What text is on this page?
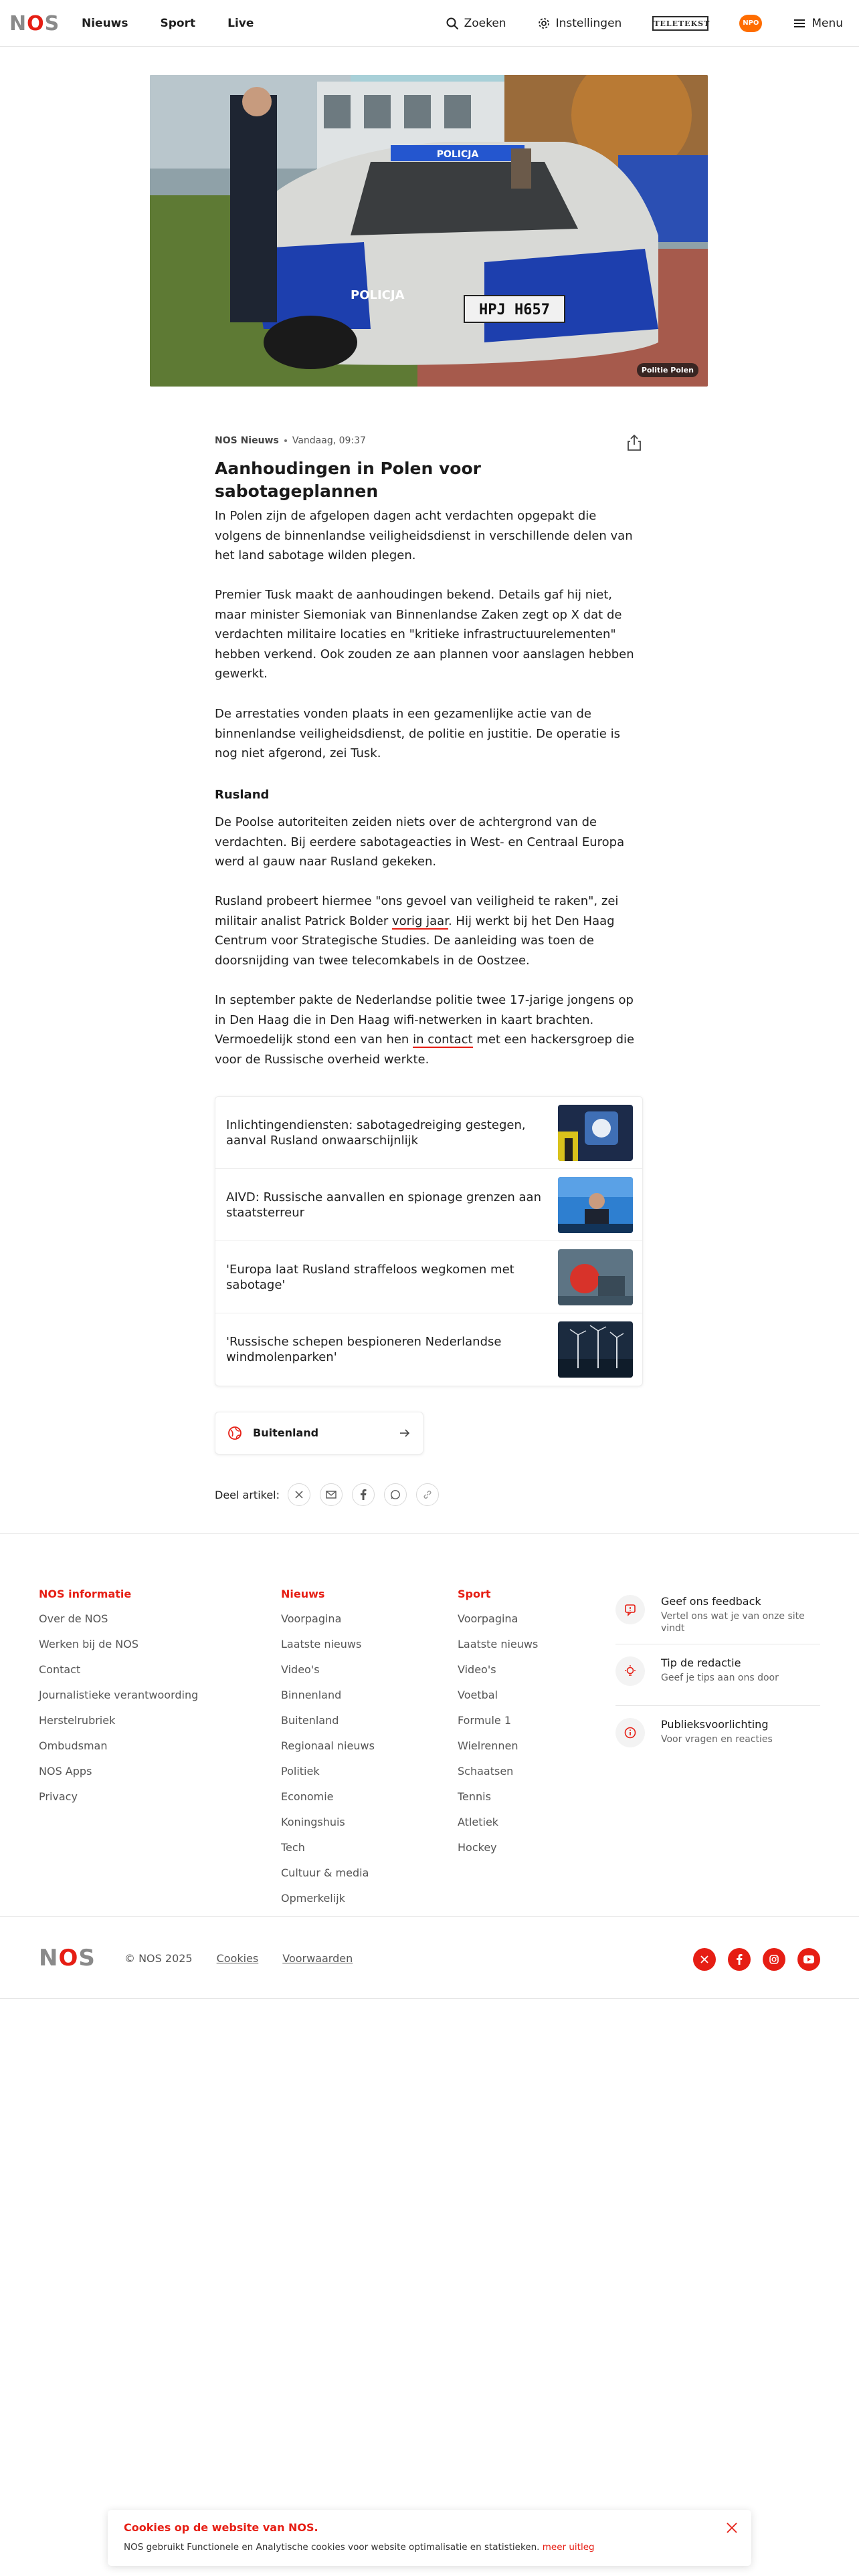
NOS Nieuws	Sport	Live	Zoeken	Instellingen	TELETEKST	NPO	Menu
POLICJA
HPJ H657
POLICJA
Politie Polen
NOS Nieuws Vandaag, 09:37
Aanhoudingen in Polen voor sabotageplannen

In Polen zijn de afgelopen dagen acht verdachten opgepakt die volgens de binnenlandse veiligheidsdienst in verschillende delen van het land sabotage wilden plegen.

Premier Tusk maakt de aanhoudingen bekend. Details gaf hij niet, maar minister Siemoniak van Binnenlandse Zaken zegt op X dat de verdachten militaire locaties en "kritieke infrastructuurelementen" hebben verkend. Ook zouden ze aan plannen voor aanslagen hebben gewerkt.

De arrestaties vonden plaats in een gezamenlijke actie van de binnenlandse veiligheidsdienst, de politie en justitie. De operatie is nog niet afgerond, zei Tusk.

Rusland

De Poolse autoriteiten zeiden niets over de achtergrond van de verdachten. Bij eerdere sabotageacties in West- en Centraal Europa werd al gauw naar Rusland gekeken.

Rusland probeert hiermee "ons gevoel van veiligheid te raken", zei militair analist Patrick Bolder vorig jaar. Hij werkt bij het Den Haag Centrum voor Strategische Studies. De aanleiding was toen de doorsnijding van twee telecomkabels in de Oostzee.

In september pakte de Nederlandse politie twee 17-jarige jongens op in Den Haag die in Den Haag wifi-netwerken in kaart brachten. Vermoedelijk stond een van hen in contact met een hackersgroep die voor de Russische overheid werkte.

Inlichtingendiensten: sabotagedreiging gestegen, aanval Rusland onwaarschijnlijk
AIVD: Russische aanvallen en spionage grenzen aan staatsterreur
'Europa laat Rusland straffeloos wegkomen met sabotage'
'Russische schepen bespioneren Nederlandse windmolenparken'
Buitenland
Deel artikel:
NOS informatie
Over de NOS
Werken bij de NOS
Contact
Journalistieke verantwoording
Herstelrubriek
Ombudsman
NOS Apps
Privacy
Nieuws
Voorpagina
Laatste nieuws
Video's
Binnenland
Buitenland
Regionaal nieuws
Politiek
Economie
Koningshuis
Tech
Cultuur & media
Opmerkelijk
Sport
Voorpagina
Laatste nieuws
Video's
Voetbal
Formule 1
Wielrennen
Schaatsen
Tennis
Atletiek
Hockey
Geef ons feedback
Vertel ons wat je van onze site vindt
Tip de redactie
Geef je tips aan ons door
Publieksvoorlichting
Voor vragen en reacties
NOS	© NOS 2025 Cookies Voorwaarden
Cookies op de website van NOS.

NOS gebruikt Functionele en Analytische cookies voor website optimalisatie en statistieken. meer uitleg
